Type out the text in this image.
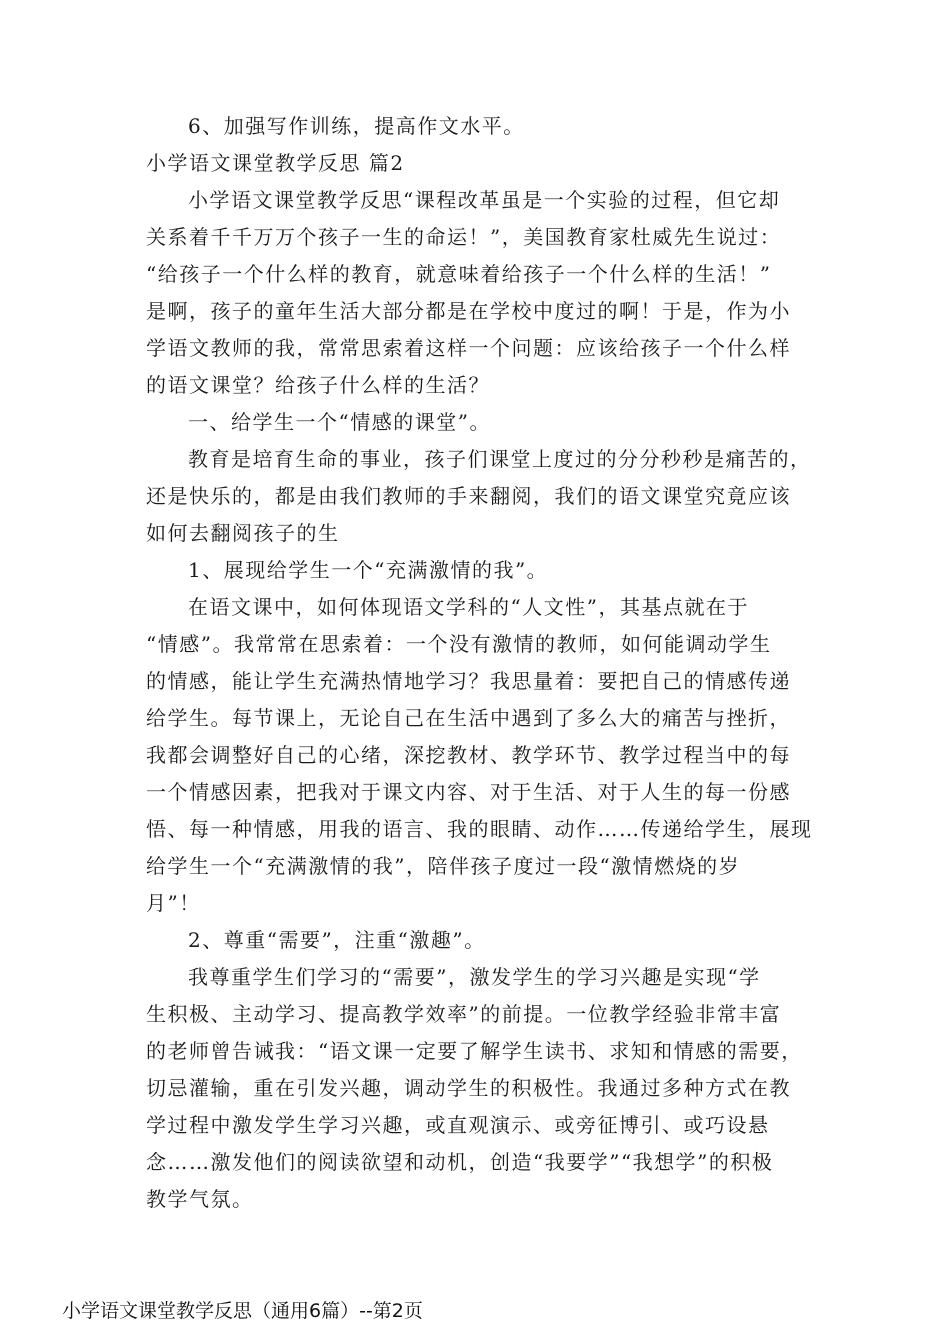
6、加强写作训练，提高作文水平。
小学语文课堂教学反思 篇2
小学语文课堂教学反思“课程改革虽是一个实验的过程，但它却
关系着千千万万个孩子一生的命运！”，美国教育家杜威先生说过：
“给孩子一个什么样的教育，就意味着给孩子一个什么样的生活！”
是啊，孩子的童年生活大部分都是在学校中度过的啊！于是，作为小
学语文教师的我，常常思索着这样一个问题：应该给孩子一个什么样
的语文课堂？给孩子什么样的生活？
一、给学生一个“情感的课堂”。
教育是培育生命的事业，孩子们课堂上度过的分分秒秒是痛苦的，
还是快乐的，都是由我们教师的手来翻阅，我们的语文课堂究竟应该
如何去翻阅孩子的生
1、展现给学生一个“充满激情的我”。
在语文课中，如何体现语文学科的“人文性”，其基点就在于
“情感”。我常常在思索着：一个没有激情的教师，如何能调动学生
的情感，能让学生充满热情地学习？我思量着：要把自己的情感传递
给学生。每节课上，无论自己在生活中遇到了多么大的痛苦与挫折，
我都会调整好自己的心绪，深挖教材、教学环节、教学过程当中的每
一个情感因素，把我对于课文内容、对于生活、对于人生的每一份感
悟、每一种情感，用我的语言、我的眼睛、动作……传递给学生，展现
给学生一个“充满激情的我”，陪伴孩子度过一段“激情燃烧的岁
月”！
2、尊重“需要”，注重“激趣”。
我尊重学生们学习的“需要”，激发学生的学习兴趣是实现“学
生积极、主动学习、提高教学效率”的前提。一位教学经验非常丰富
的老师曾告诫我：“语文课一定要了解学生读书、求知和情感的需要，
切忌灌输，重在引发兴趣，调动学生的积极性。我通过多种方式在教
学过程中激发学生学习兴趣，或直观演示、或旁征博引、或巧设悬
念……激发他们的阅读欲望和动机，创造“我要学”“我想学”的积极
教学气氛。
小学语文课堂教学反思（通用6篇）--第2页
